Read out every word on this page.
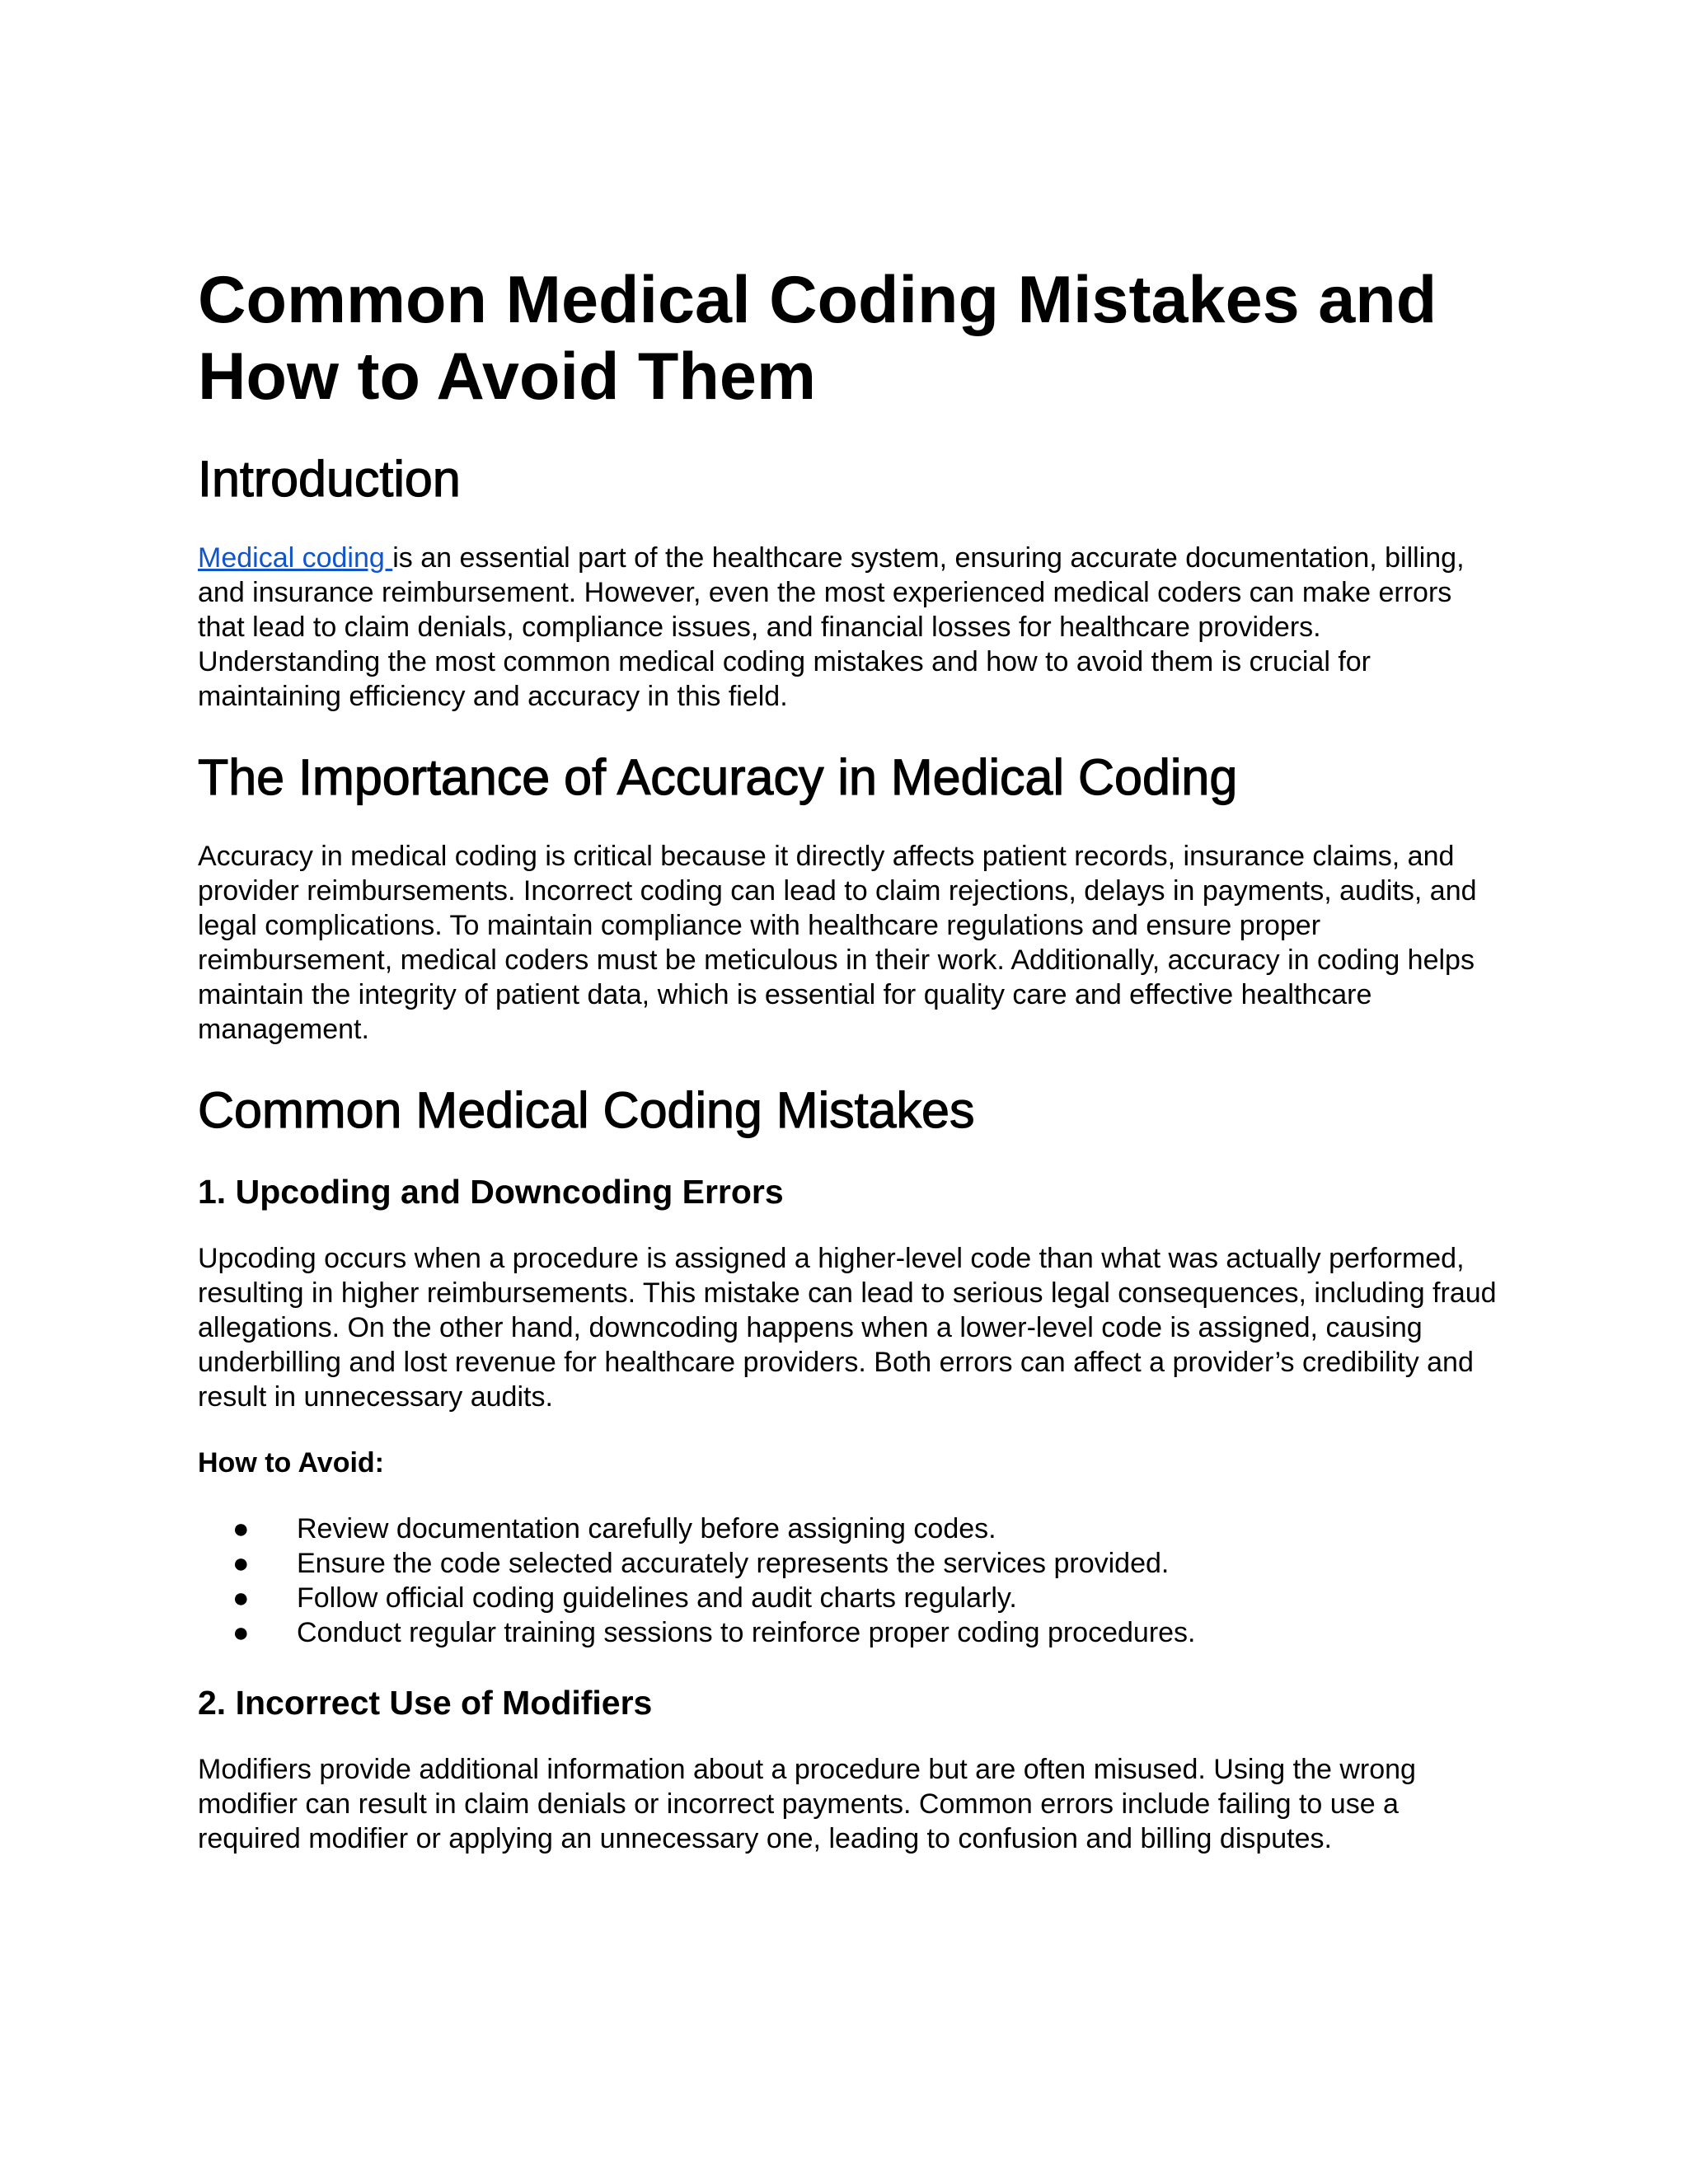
Common Medical Coding Mistakes and How to Avoid Them
Introduction

Medical coding is an essential part of the healthcare system, ensuring accurate documentation, billing, and insurance reimbursement. However, even the most experienced medical coders can make errors that lead to claim denials, compliance issues, and financial losses for healthcare providers. Understanding the most common medical coding mistakes and how to avoid them is crucial for maintaining efficiency and accuracy in this field.

The Importance of Accuracy in Medical Coding

Accuracy in medical coding is critical because it directly affects patient records, insurance claims, and provider reimbursements. Incorrect coding can lead to claim rejections, delays in payments, audits, and legal complications. To maintain compliance with healthcare regulations and ensure proper reimbursement, medical coders must be meticulous in their work. Additionally, accuracy in coding helps maintain the integrity of patient data, which is essential for quality care and effective healthcare management.

Common Medical Coding Mistakes
1. Upcoding and Downcoding Errors

Upcoding occurs when a procedure is assigned a higher-level code than what was actually performed, resulting in higher reimbursements. This mistake can lead to serious legal consequences, including fraud allegations. On the other hand, downcoding happens when a lower-level code is assigned, causing underbilling and lost revenue for healthcare providers. Both errors can affect a provider’s credibility and result in unnecessary audits.

How to Avoid:

● Review documentation carefully before assigning codes.
● Ensure the code selected accurately represents the services provided.
● Follow official coding guidelines and audit charts regularly.
● Conduct regular training sessions to reinforce proper coding procedures.
2. Incorrect Use of Modifiers

Modifiers provide additional information about a procedure but are often misused. Using the wrong modifier can result in claim denials or incorrect payments. Common errors include failing to use a required modifier or applying an unnecessary one, leading to confusion and billing disputes.
